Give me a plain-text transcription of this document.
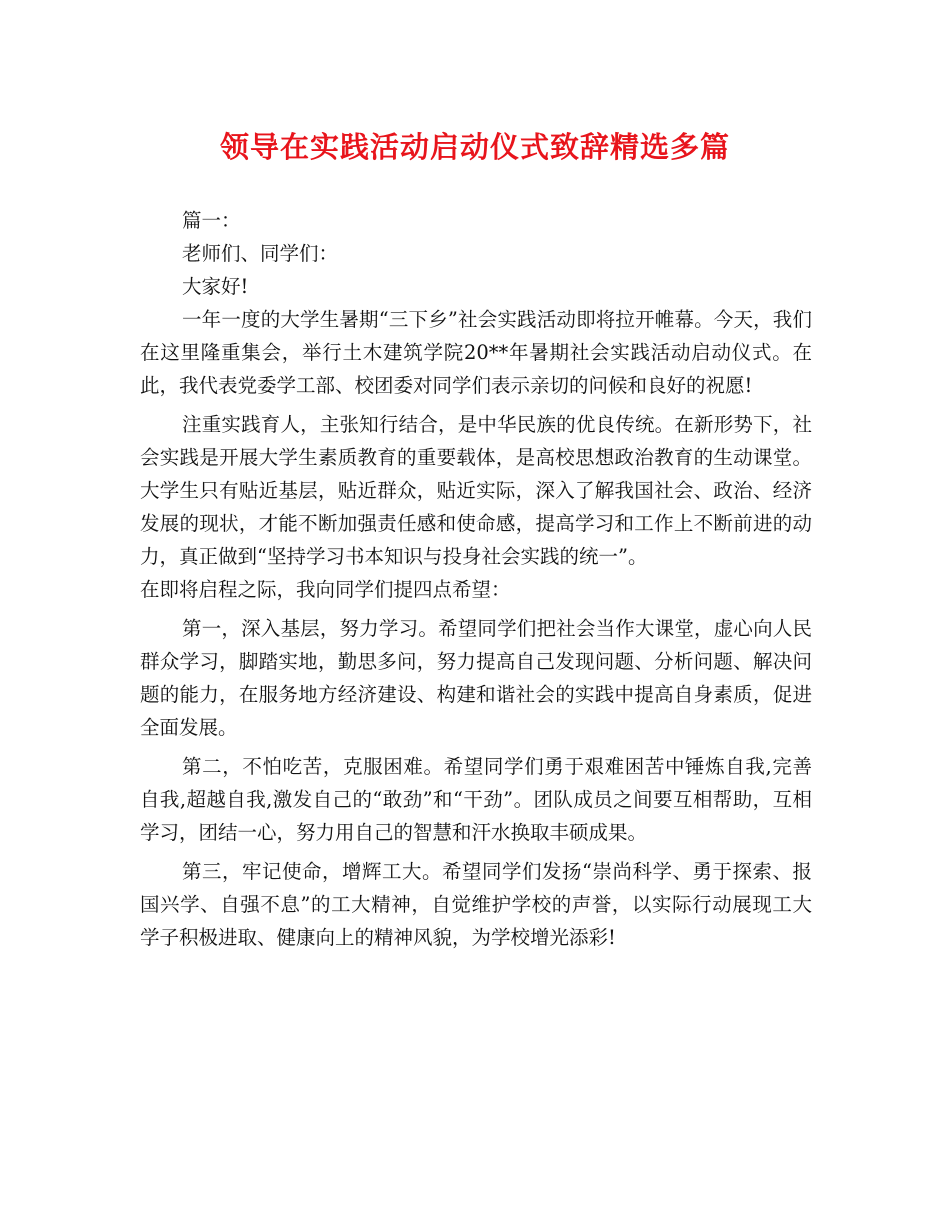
领导在实践活动启动仪式致辞精选多篇

篇一：

老师们、同学们：

大家好!

一年一度的大学生暑期“三下乡”社会实践活动即将拉开帷幕。今天，我们在这里隆重集会，举行土木建筑学院20**年暑期社会实践活动启动仪式。在此，我代表党委学工部、校团委对同学们表示亲切的问候和良好的祝愿!

注重实践育人，主张知行结合，是中华民族的优良传统。在新形势下，社会实践是开展大学生素质教育的重要载体，是高校思想政治教育的生动课堂。大学生只有贴近基层，贴近群众，贴近实际，深入了解我国社会、政治、经济发展的现状，才能不断加强责任感和使命感，提高学习和工作上不断前进的动力，真正做到“坚持学习书本知识与投身社会实践的统一”。

在即将启程之际，我向同学们提四点希望：

第一，深入基层，努力学习。希望同学们把社会当作大课堂，虚心向人民群众学习，脚踏实地，勤思多问，努力提高自己发现问题、分析问题、解决问题的能力，在服务地方经济建设、构建和谐社会的实践中提高自身素质，促进全面发展。

第二，不怕吃苦，克服困难。希望同学们勇于艰难困苦中锤炼自我,完善自我,超越自我,激发自己的“敢劲”和“干劲”。团队成员之间要互相帮助，互相学习，团结一心，努力用自己的智慧和汗水换取丰硕成果。

第三，牢记使命，增辉工大。希望同学们发扬“崇尚科学、勇于探索、报国兴学、自强不息”的工大精神，自觉维护学校的声誉，以实际行动展现工大学子积极进取、健康向上的精神风貌，为学校增光添彩!
